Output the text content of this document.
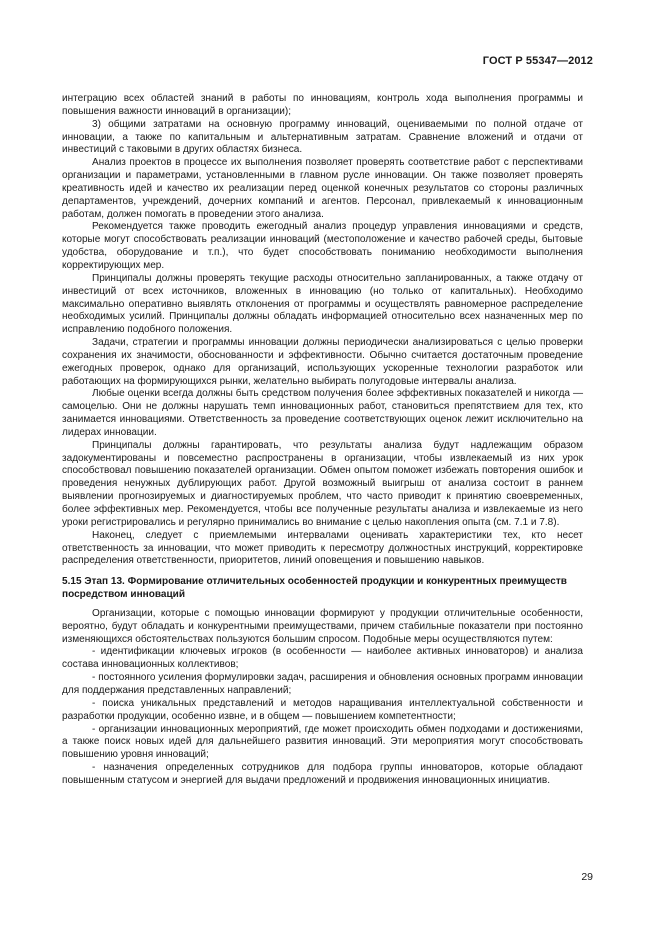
ГОСТ Р 55347—2012

интеграцию всех областей знаний в работы по инновациям, контроль хода выполнения программы и повышения важности инноваций в организации);

3) общими затратами на основную программу инноваций, оцениваемыми по полной отдаче от инновации, а также по капитальным и альтернативным затратам. Сравнение вложений и отдачи от инвестиций с таковыми в других областях бизнеса.

Анализ проектов в процессе их выполнения позволяет проверять соответствие работ с перспективами организации и параметрами, установленными в главном русле инновации. Он также позволяет проверять креативность идей и качество их реализации перед оценкой конечных результатов со стороны различных департаментов, учреждений, дочерних компаний и агентов. Персонал, привлекаемый к инновационным работам, должен помогать в проведении этого анализа.

Рекомендуется также проводить ежегодный анализ процедур управления инновациями и средств, которые могут способствовать реализации инноваций (местоположение и качество рабочей среды, бытовые удобства, оборудование и т.п.), что будет способствовать пониманию необходимости выполнения корректирующих мер.

Принципалы должны проверять текущие расходы относительно запланированных, а также отдачу от инвестиций от всех источников, вложенных в инновацию (но только от капитальных). Необходимо максимально оперативно выявлять отклонения от программы и осуществлять равномерное распределение необходимых усилий. Принципалы должны обладать информацией относительно всех назначенных мер по исправлению подобного положения.

Задачи, стратегии и программы инновации должны периодически анализироваться с целью проверки сохранения их значимости, обоснованности и эффективности. Обычно считается достаточным проведение ежегодных проверок, однако для организаций, использующих ускоренные технологии разработок или работающих на формирующихся рынки, желательно выбирать полугодовые интервалы анализа.

Любые оценки всегда должны быть средством получения более эффективных показателей и никогда — самоцелью. Они не должны нарушать темп инновационных работ, становиться препятствием для тех, кто занимается инновациями. Ответственность за проведение соответствующих оценок лежит исключительно на лидерах инновации.

Принципалы должны гарантировать, что результаты анализа будут надлежащим образом задокументированы и повсеместно распространены в организации, чтобы извлекаемый из них урок способствовал повышению показателей организации. Обмен опытом поможет избежать повторения ошибок и проведения ненужных дублирующих работ. Другой возможный выигрыш от анализа состоит в раннем выявлении прогнозируемых и диагностируемых проблем, что часто приводит к принятию своевременных, более эффективных мер. Рекомендуется, чтобы все полученные результаты анализа и извлекаемые из него уроки регистрировались и регулярно принимались во внимание с целью накопления опыта (см. 7.1 и 7.8).

Наконец, следует с приемлемыми интервалами оценивать характеристики тех, кто несет ответственность за инновации, что может приводить к пересмотру должностных инструкций, корректировке распределения ответственности, приоритетов, линий оповещения и повышению навыков.

5.15 Этап 13. Формирование отличительных особенностей продукции и конкурентных преимуществ посредством инноваций

Организации, которые с помощью инновации формируют у продукции отличительные особенности, вероятно, будут обладать и конкурентными преимуществами, причем стабильные показатели при постоянно изменяющихся обстоятельствах пользуются большим спросом. Подобные меры осуществляются путем:

- идентификации ключевых игроков (в особенности — наиболее активных инноваторов) и анализа состава инновационных коллективов;

- постоянного усиления формулировки задач, расширения и обновления основных программ инновации для поддержания представленных направлений;

- поиска уникальных представлений и методов наращивания интеллектуальной собственности и разработки продукции, особенно извне, и в общем — повышением компетентности;

- организации инновационных мероприятий, где может происходить обмен подходами и достижениями, а также поиск новых идей для дальнейшего развития инноваций. Эти мероприятия могут способствовать повышению уровня инноваций;

- назначения определенных сотрудников для подбора группы инноваторов, которые обладают повышенным статусом и энергией для выдачи предложений и продвижения инновационных инициатив.

29
